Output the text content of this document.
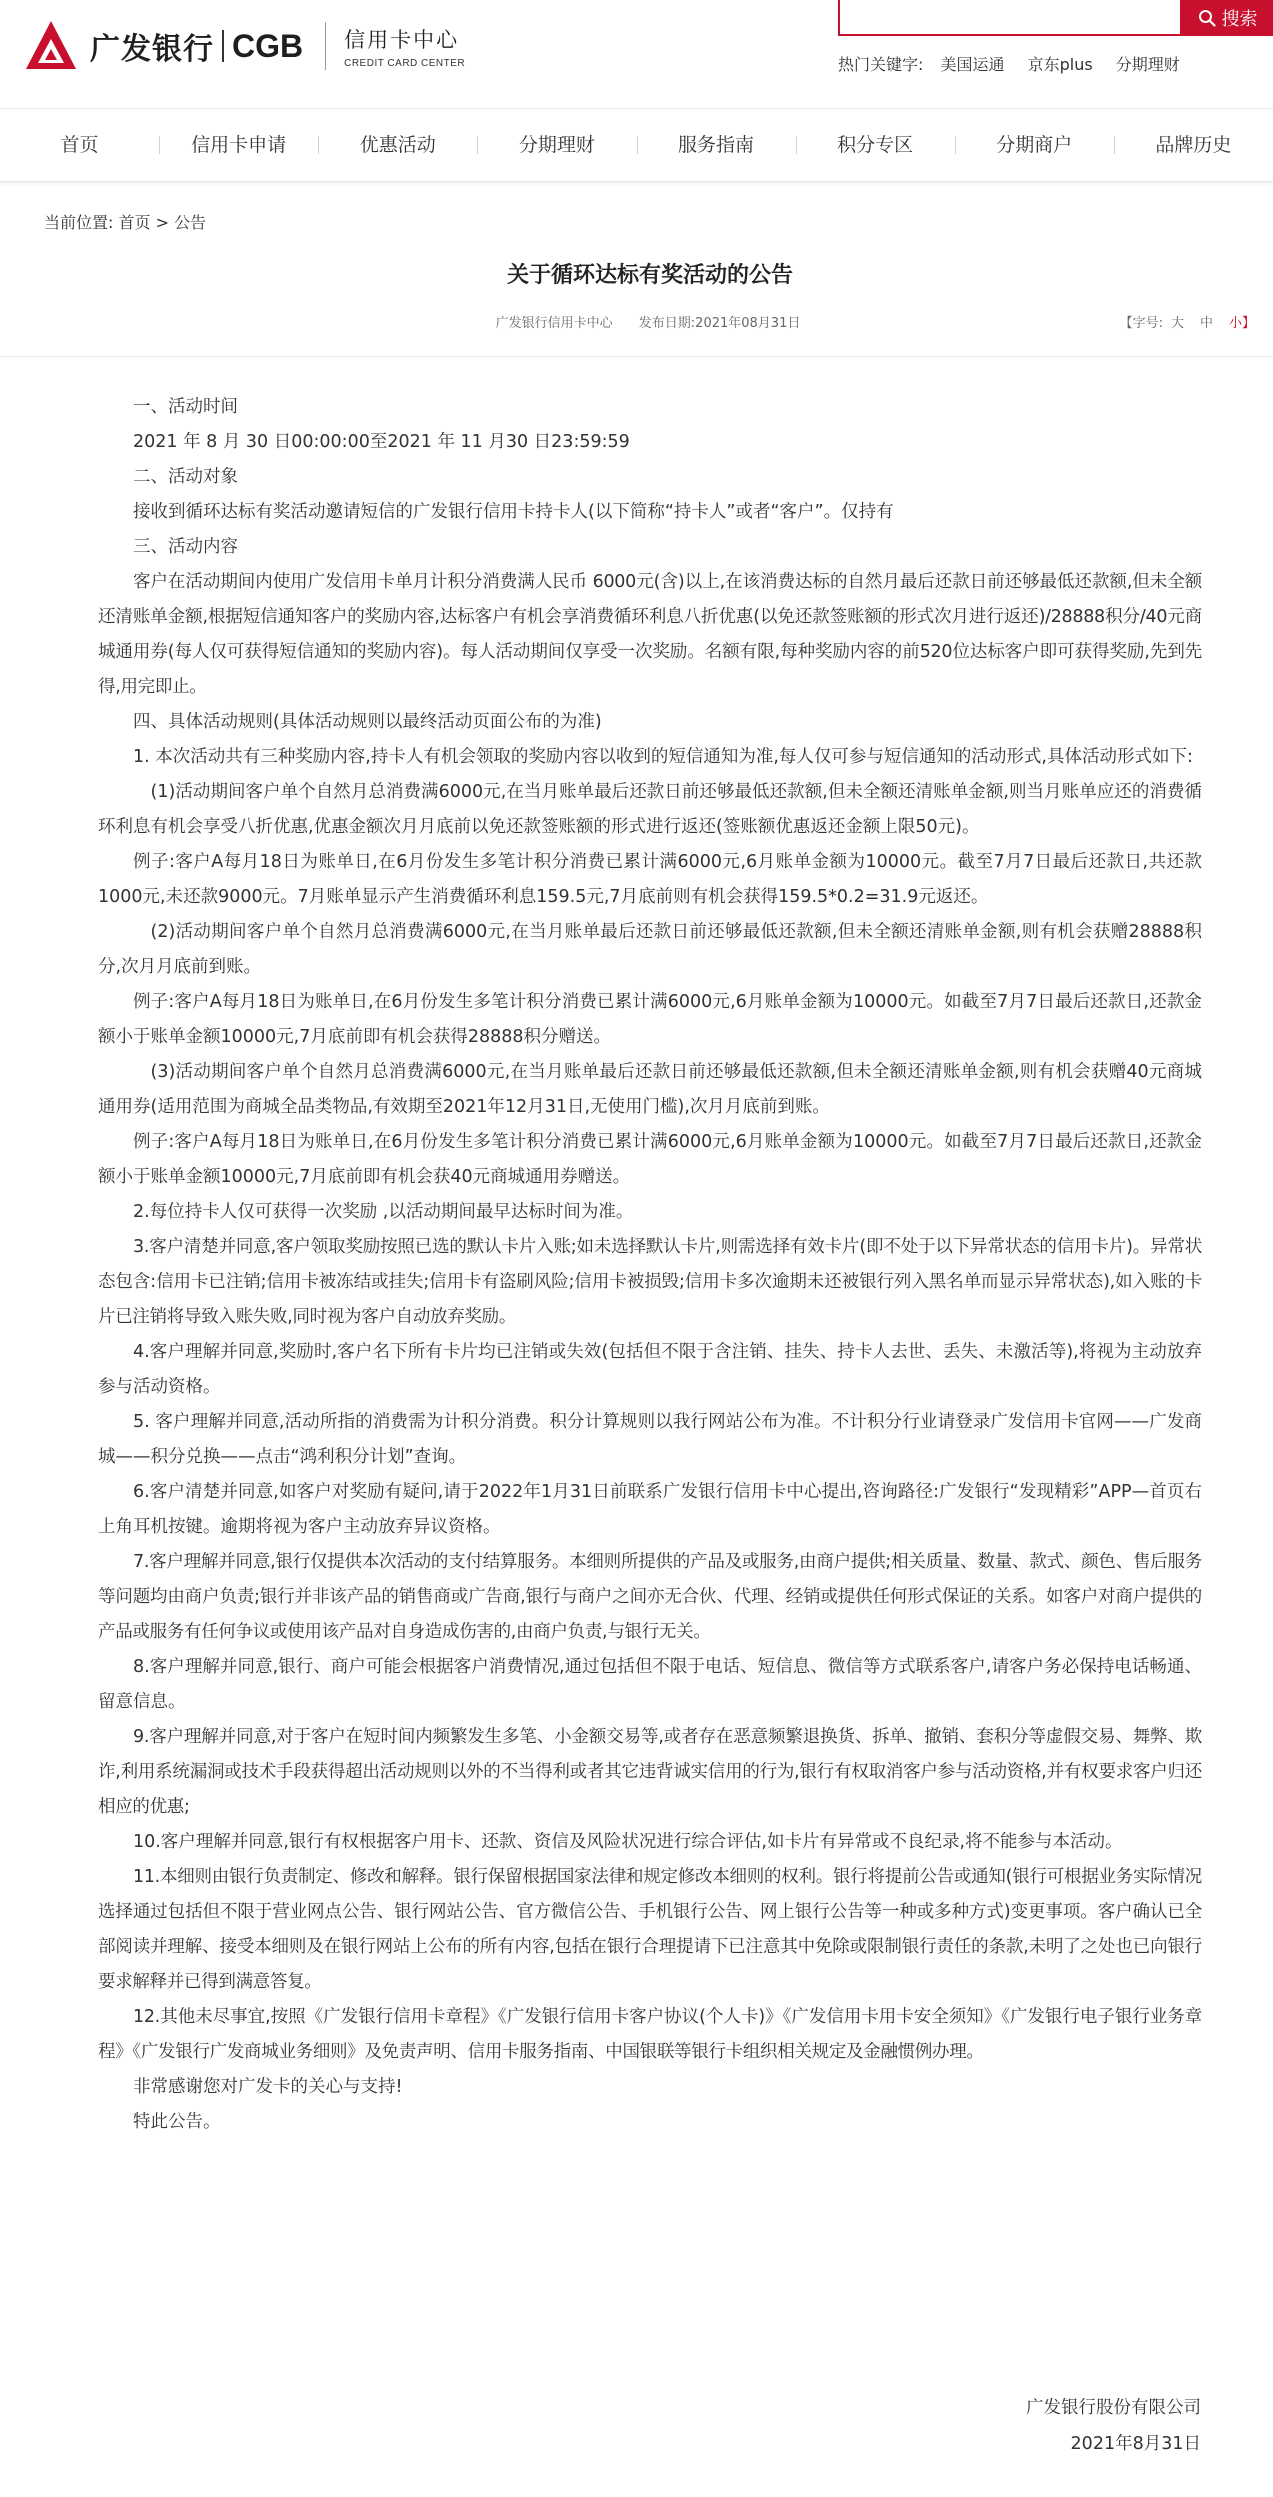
广发银行 CGB 信用卡中心
CREDIT CARD CENTER
搜索
热门关键字: 美国运通 京东plus 分期理财
首页	信用卡申请	优惠活动	分期理财	服务指南	积分专区	分期商户	品牌历史
当前位置: 首页 > 公告
关于循环达标有奖活动的公告
广发银行信用卡中心 发布日期:2021年08月31日	【字号: 大 中 小】

一、活动时间

2021 年 8 月 30 日00:00:00至2021 年 11 月30 日23:59:59

二、活动对象

接收到循环达标有奖活动邀请短信的广发银行信用卡持卡人(以下简称“持卡人”或者“客户”。仅持有

三、活动内容

客户在活动期间内使用广发信用卡单月计积分消费满人民币 6000元(含)以上,在该消费达标的自然月最后还款日前还够最低还款额,但未全额还清账单金额,根据短信通知客户的奖励内容,达标客户有机会享消费循环利息八折优惠(以免还款签账额的形式次月进行返还)/28888积分/40元商城通用券(每人仅可获得短信通知的奖励内容)。每人活动期间仅享受一次奖励。名额有限,每种奖励内容的前520位达标客户即可获得奖励,先到先得,用完即止。

四、具体活动规则(具体活动规则以最终活动页面公布的为准)

1. 本次活动共有三种奖励内容,持卡人有机会领取的奖励内容以收到的短信通知为准,每人仅可参与短信通知的活动形式,具体活动形式如下:

(1)活动期间客户单个自然月总消费满6000元,在当月账单最后还款日前还够最低还款额,但未全额还清账单金额,则当月账单应还的消费循环利息有机会享受八折优惠,优惠金额次月月底前以免还款签账额的形式进行返还(签账额优惠返还金额上限50元)。

例子:客户A每月18日为账单日,在6月份发生多笔计积分消费已累计满6000元,6月账单金额为10000元。截至7月7日最后还款日,共还款1000元,未还款9000元。7月账单显示产生消费循环利息159.5元,7月底前则有机会获得159.5*0.2=31.9元返还。

(2)活动期间客户单个自然月总消费满6000元,在当月账单最后还款日前还够最低还款额,但未全额还清账单金额,则有机会获赠28888积分,次月月底前到账。

例子:客户A每月18日为账单日,在6月份发生多笔计积分消费已累计满6000元,6月账单金额为10000元。如截至7月7日最后还款日,还款金额小于账单金额10000元,7月底前即有机会获得28888积分赠送。

(3)活动期间客户单个自然月总消费满6000元,在当月账单最后还款日前还够最低还款额,但未全额还清账单金额,则有机会获赠40元商城通用券(适用范围为商城全品类物品,有效期至2021年12月31日,无使用门槛),次月月底前到账。

例子:客户A每月18日为账单日,在6月份发生多笔计积分消费已累计满6000元,6月账单金额为10000元。如截至7月7日最后还款日,还款金额小于账单金额10000元,7月底前即有机会获40元商城通用券赠送。

2.每位持卡人仅可获得一次奖励 ,以活动期间最早达标时间为准。

3.客户清楚并同意,客户领取奖励按照已选的默认卡片入账;如未选择默认卡片,则需选择有效卡片(即不处于以下异常状态的信用卡片)。异常状态包含:信用卡已注销;信用卡被冻结或挂失;信用卡有盗刷风险;信用卡被损毁;信用卡多次逾期未还被银行列入黑名单而显示异常状态),如入账的卡片已注销将导致入账失败,同时视为客户自动放弃奖励。

4.客户理解并同意,奖励时,客户名下所有卡片均已注销或失效(包括但不限于含注销、挂失、持卡人去世、丢失、未激活等),将视为主动放弃参与活动资格。

5. 客户理解并同意,活动所指的消费需为计积分消费。积分计算规则以我行网站公布为准。不计积分行业请登录广发信用卡官网——广发商城——积分兑换——点击“鸿利积分计划”查询。

6.客户清楚并同意,如客户对奖励有疑问,请于2022年1月31日前联系广发银行信用卡中心提出,咨询路径:广发银行“发现精彩”APP—首页右上角耳机按键。逾期将视为客户主动放弃异议资格。

7.客户理解并同意,银行仅提供本次活动的支付结算服务。本细则所提供的产品及或服务,由商户提供;相关质量、数量、款式、颜色、售后服务等问题均由商户负责;银行并非该产品的销售商或广告商,银行与商户之间亦无合伙、代理、经销或提供任何形式保证的关系。如客户对商户提供的产品或服务有任何争议或使用该产品对自身造成伤害的,由商户负责,与银行无关。

8.客户理解并同意,银行、商户可能会根据客户消费情况,通过包括但不限于电话、短信息、微信等方式联系客户,请客户务必保持电话畅通、留意信息。

9.客户理解并同意,对于客户在短时间内频繁发生多笔、小金额交易等,或者存在恶意频繁退换货、拆单、撤销、套积分等虚假交易、舞弊、欺诈,利用系统漏洞或技术手段获得超出活动规则以外的不当得利或者其它违背诚实信用的行为,银行有权取消客户参与活动资格,并有权要求客户归还相应的优惠;

10.客户理解并同意,银行有权根据客户用卡、还款、资信及风险状况进行综合评估,如卡片有异常或不良纪录,将不能参与本活动。

11.本细则由银行负责制定、修改和解释。银行保留根据国家法律和规定修改本细则的权利。银行将提前公告或通知(银行可根据业务实际情况选择通过包括但不限于营业网点公告、银行网站公告、官方微信公告、手机银行公告、网上银行公告等一种或多种方式)变更事项。客户确认已全部阅读并理解、接受本细则及在银行网站上公布的所有内容,包括在银行合理提请下已注意其中免除或限制银行责任的条款,未明了之处也已向银行要求解释并已得到满意答复。

12.其他未尽事宜,按照《广发银行信用卡章程》《广发银行信用卡客户协议(个人卡)》《广发信用卡用卡安全须知》《广发银行电子银行业务章程》《广发银行广发商城业务细则》及免责声明、信用卡服务指南、中国银联等银行卡组织相关规定及金融惯例办理。

非常感谢您对广发卡的关心与支持!

特此公告。

广发银行股份有限公司
2021年8月31日
